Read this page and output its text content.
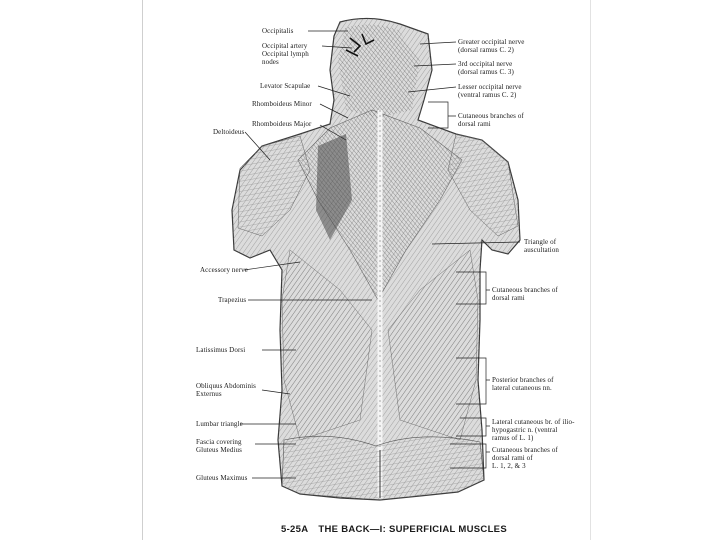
Occipitalis
Occipital artery
Occipital lymph
nodes
Levator Scapulae
Rhomboideus Minor
Rhomboideus Major
Deltoideus
Accessory nerve
Trapezius
Latissimus Dorsi
Obliquus Abdominis
Externus
Lumbar triangle
Fascia covering
Gluteus Medius
Gluteus Maximus
Greater occipital nerve
(dorsal ramus C. 2)
3rd occipital nerve
(dorsal ramus C. 3)
Lesser occipital nerve
(ventral ramus C. 2)
Cutaneous branches of
dorsal rami
Triangle of
auscultation
Cutaneous branches of
dorsal rami
Posterior branches of
lateral cutaneous nn.
Lateral cutaneous br. of ilio-
hypogastric n. (ventral
ramus of L. 1)
Cutaneous branches of
dorsal rami of
L. 1, 2, & 3
5-25A THE BACK—I: SUPERFICIAL MUSCLES
